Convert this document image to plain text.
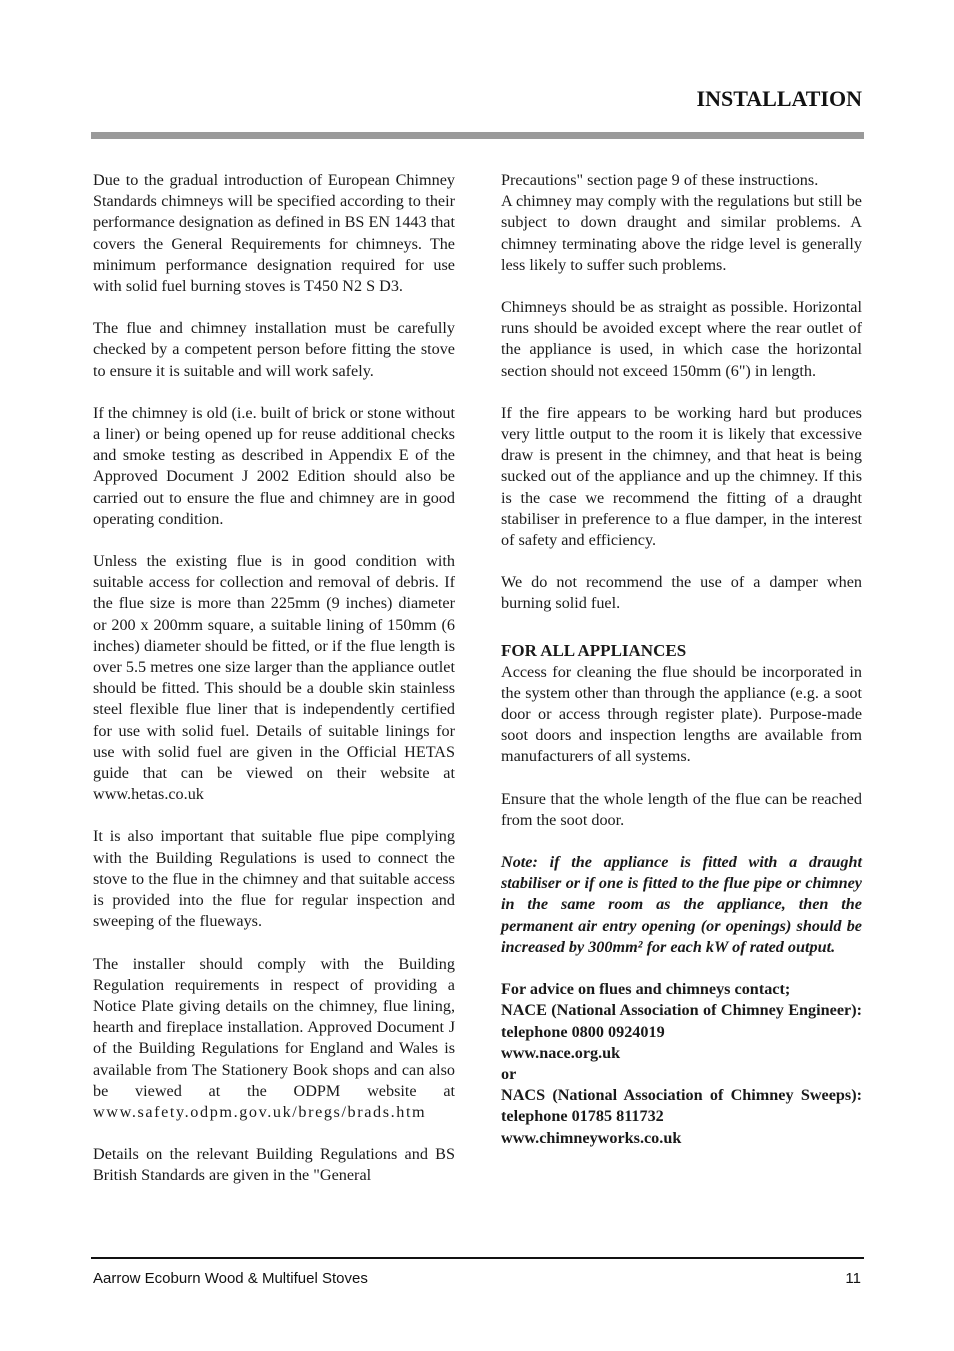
INSTALLATION

Due to the gradual introduction of European Chimney Standards chimneys will be specified according to their performance designation as defined in BS EN 1443 that covers the General Requirements for chimneys. The minimum performance designation required for use with solid fuel burning stoves is T450 N2 S D3.

The flue and chimney installation must be carefully checked by a competent person before fitting the stove to ensure it is suitable and will work safely.

If the chimney is old (i.e. built of brick or stone without a liner) or being opened up for reuse additional checks and smoke testing as described in Appendix E of the Approved Document J 2002 Edition should also be carried out to ensure the flue and chimney are in good operating condition.

Unless the existing flue is in good condition with suitable access for collection and removal of debris. If the flue size is more than 225mm (9 inches) diameter or 200 x 200mm square, a suitable lining of 150mm (6 inches) diameter should be fitted, or if the flue length is over 5.5 metres one size larger than the appliance outlet should be fitted. This should be a double skin stainless steel flexible flue liner that is independently certified for use with solid fuel. Details of suitable linings for use with solid fuel are given in the Official HETAS guide that can be viewed on their website at www.hetas.co.uk

It is also important that suitable flue pipe complying with the Building Regulations is used to connect the stove to the flue in the chimney and that suitable access is provided into the flue for regular inspection and sweeping of the flueways.

The installer should comply with the Building Regulation requirements in respect of providing a Notice Plate giving details on the chimney, flue lining, hearth and fireplace installation. Approved Document J of the Building Regulations for England and Wales is available from The Stationery Book shops and can also be viewed at the ODPM website at www.safety.odpm.gov.uk/bregs/brads.htm

Details on the relevant Building Regulations and BS British Standards are given in the "General

Precautions" section page 9 of these instructions.

A chimney may comply with the regulations but still be subject to down draught and similar problems. A chimney terminating above the ridge level is generally less likely to suffer such problems.

Chimneys should be as straight as possible. Horizontal runs should be avoided except where the rear outlet of the appliance is used, in which case the horizontal section should not exceed 150mm (6") in length.

If the fire appears to be working hard but produces very little output to the room it is likely that excessive draw is present in the chimney, and that heat is being sucked out of the appliance and up the chimney. If this is the case we recommend the fitting of a draught stabiliser in preference to a flue damper, in the interest of safety and efficiency.

We do not recommend the use of a damper when burning solid fuel.

FOR ALL APPLIANCES

Access for cleaning the flue should be incorporated in the system other than through the appliance (e.g. a soot door or access through register plate). Purpose-made soot doors and inspection lengths are available from manufacturers of all systems.

Ensure that the whole length of the flue can be reached from the soot door.

Note: if the appliance is fitted with a draught stabiliser or if one is fitted to the flue pipe or chimney in the same room as the appliance, then the permanent air entry opening (or openings) should be increased by 300mm² for each kW of rated output.

For advice on flues and chimneys contact;

NACE (National Association of Chimney Engineer): telephone 0800 0924019

www.nace.org.uk

or

NACS (National Association of Chimney Sweeps): telephone 01785 811732

www.chimneyworks.co.uk

Aarrow Ecoburn Wood & Multifuel Stoves	11
